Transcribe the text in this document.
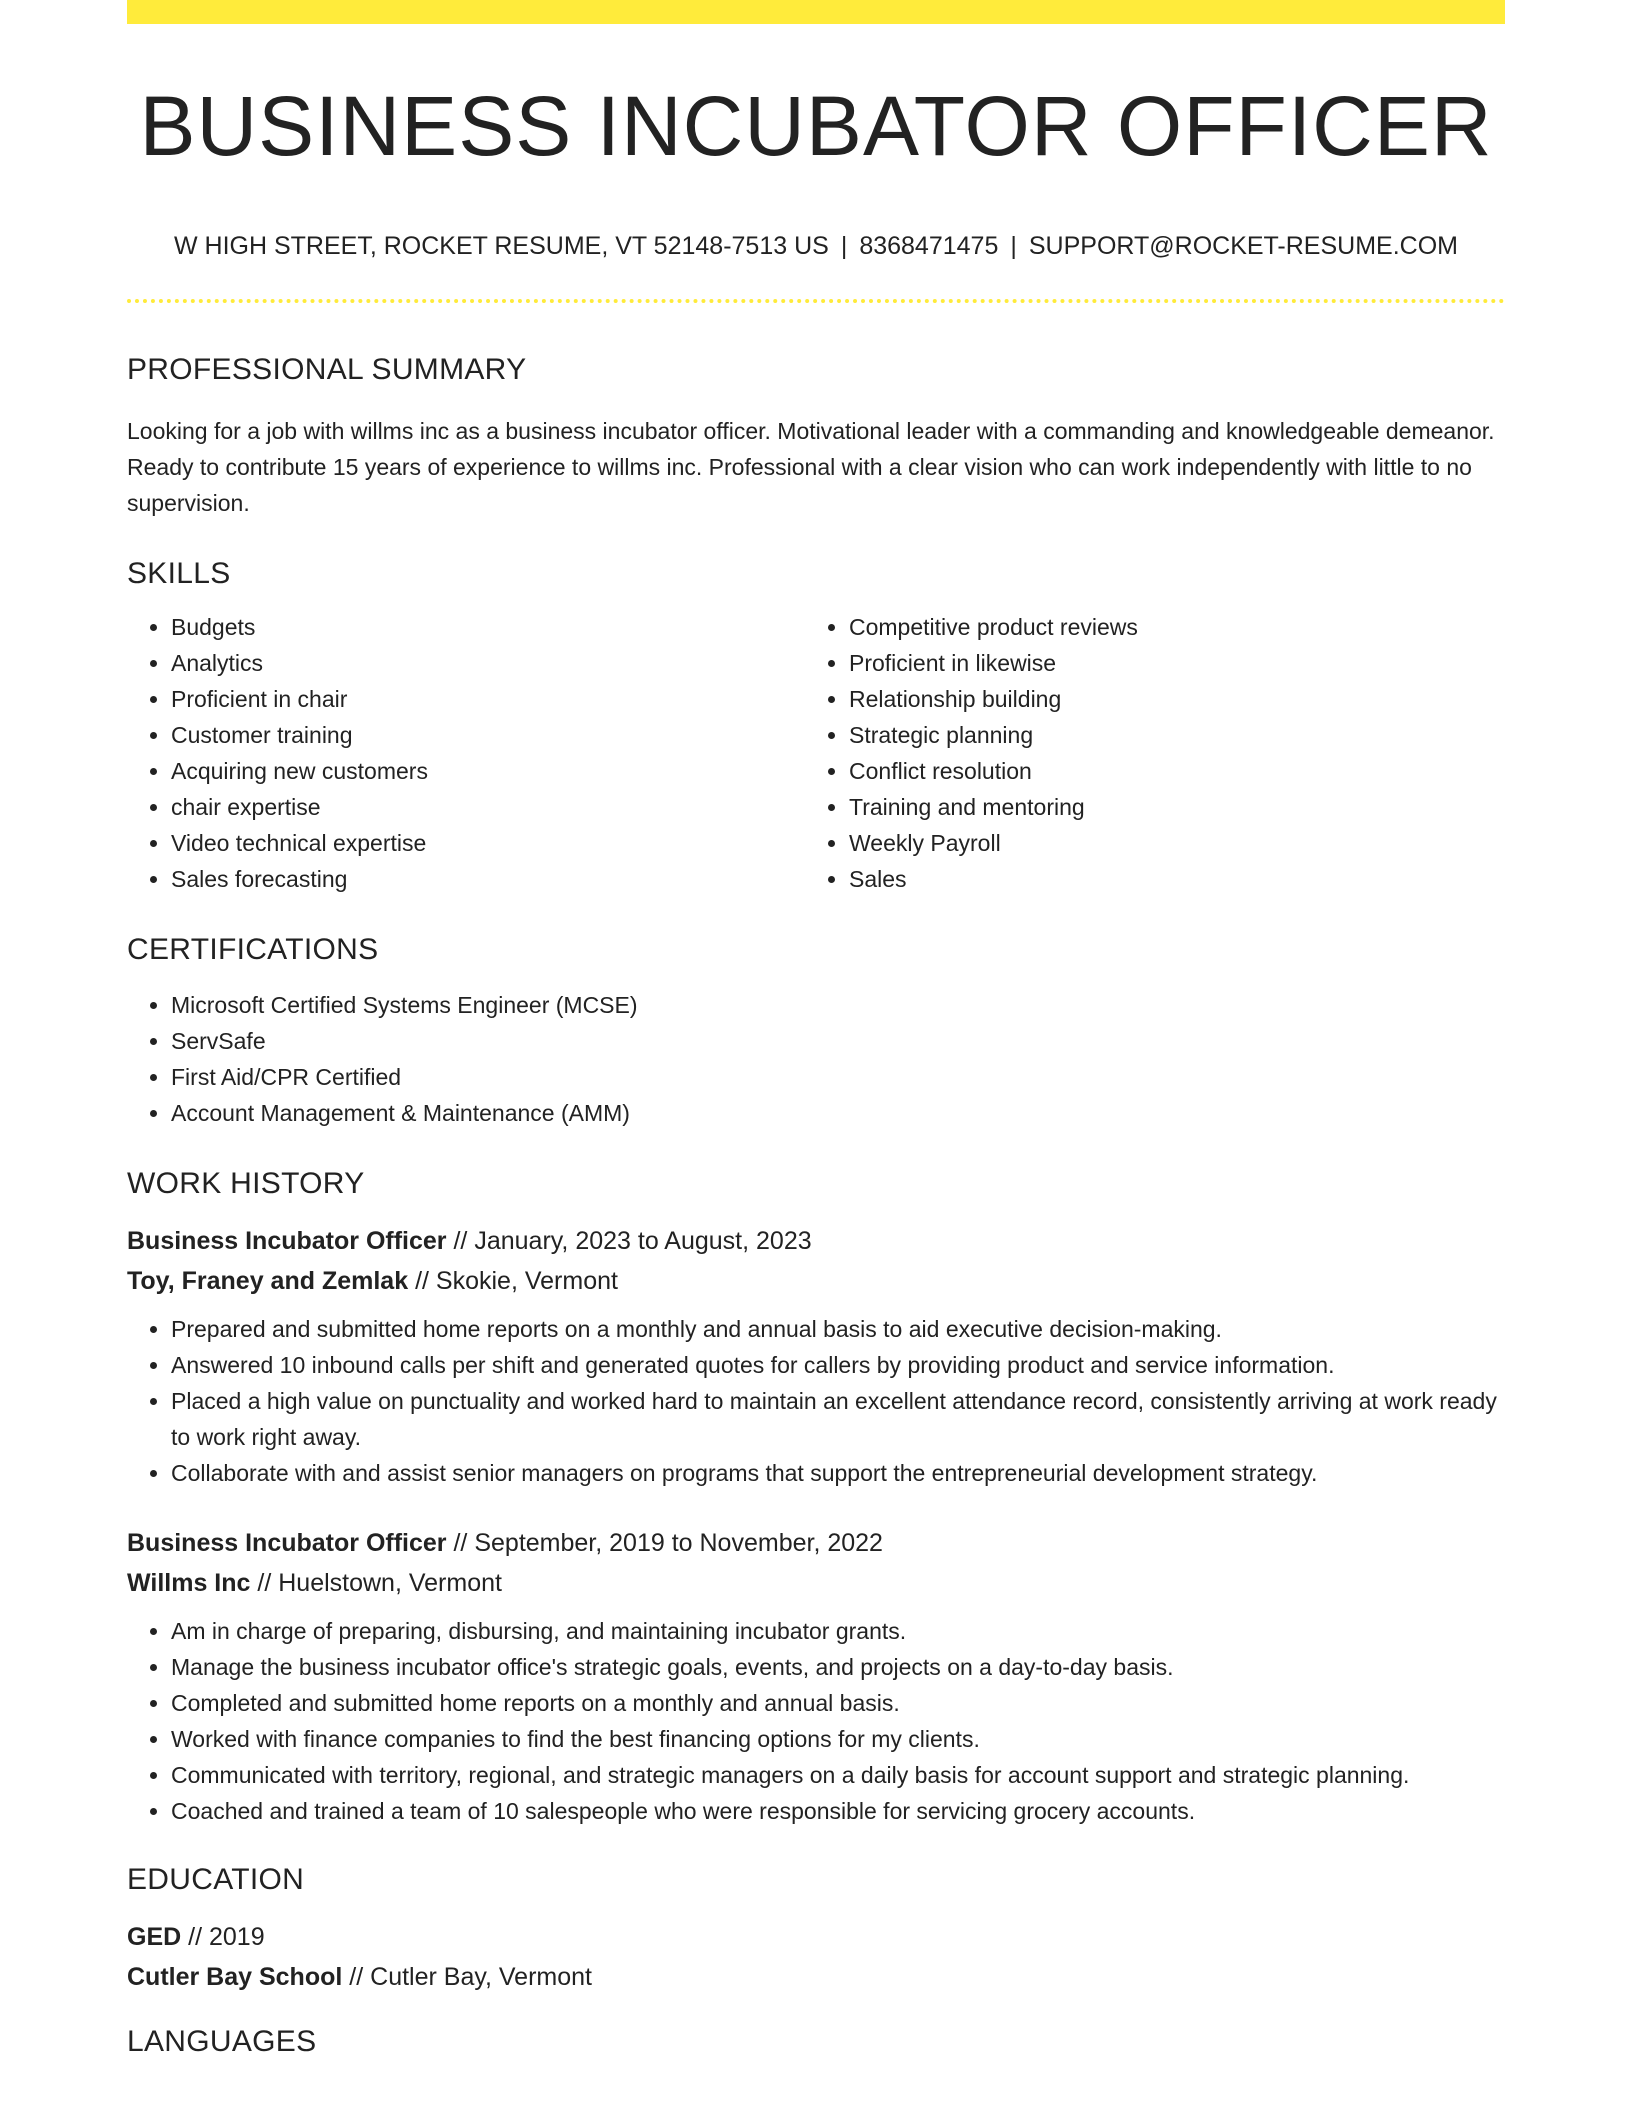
BUSINESS INCUBATOR OFFICER
W HIGH STREET, ROCKET RESUME, VT 52148-7513 US | 8368471475 | SUPPORT@ROCKET-RESUME.COM
PROFESSIONAL SUMMARY
Looking for a job with willms inc as a business incubator officer. Motivational leader with a commanding and knowledgeable demeanor. Ready to contribute 15 years of experience to willms inc. Professional with a clear vision who can work independently with little to no supervision.
SKILLS
• Budgets
• Analytics
• Proficient in chair
• Customer training
• Acquiring new customers
• chair expertise
• Video technical expertise
• Sales forecasting
• Competitive product reviews
• Proficient in likewise
• Relationship building
• Strategic planning
• Conflict resolution
• Training and mentoring
• Weekly Payroll
• Sales
CERTIFICATIONS
• Microsoft Certified Systems Engineer (MCSE)
• ServSafe
• First Aid/CPR Certified
• Account Management & Maintenance (AMM)
WORK HISTORY
Business Incubator Officer // January, 2023 to August, 2023
Toy, Franey and Zemlak // Skokie, Vermont
• Prepared and submitted home reports on a monthly and annual basis to aid executive decision-making.
• Answered 10 inbound calls per shift and generated quotes for callers by providing product and service information.
• Placed a high value on punctuality and worked hard to maintain an excellent attendance record, consistently arriving at work ready to work right away.
• Collaborate with and assist senior managers on programs that support the entrepreneurial development strategy.
Business Incubator Officer // September, 2019 to November, 2022
Willms Inc // Huelstown, Vermont
• Am in charge of preparing, disbursing, and maintaining incubator grants.
• Manage the business incubator office's strategic goals, events, and projects on a day-to-day basis.
• Completed and submitted home reports on a monthly and annual basis.
• Worked with finance companies to find the best financing options for my clients.
• Communicated with territory, regional, and strategic managers on a daily basis for account support and strategic planning.
• Coached and trained a team of 10 salespeople who were responsible for servicing grocery accounts.
EDUCATION
GED // 2019
Cutler Bay School // Cutler Bay, Vermont
LANGUAGES
